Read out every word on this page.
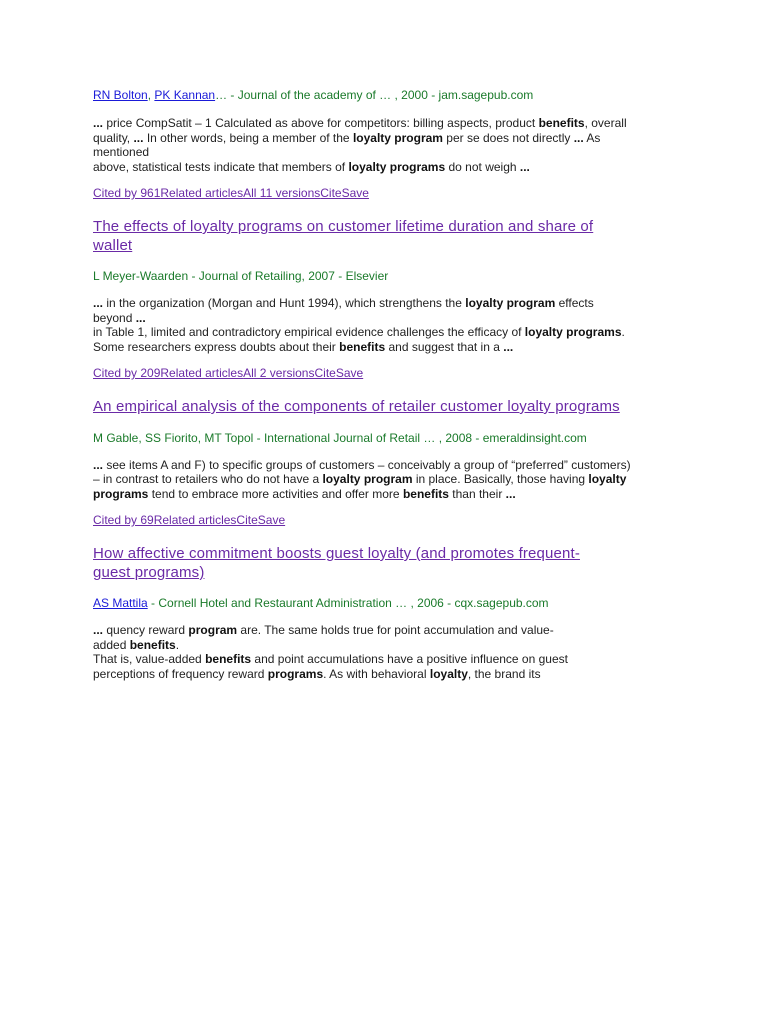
RN Bolton, PK Kannan… - Journal of the academy of … , 2000 - jam.sagepub.com
... price CompSatit – 1 Calculated as above for competitors: billing aspects, product benefits, overall
quality, ... In other words, being a member of the loyalty program per se does not directly ... As
mentioned
above, statistical tests indicate that members of loyalty programs do not weigh ...
Cited by 961Related articlesAll 11 versionsCiteSave
The effects of loyalty programs on customer lifetime duration and share of
wallet
L Meyer-Waarden - Journal of Retailing, 2007 - Elsevier
... in the organization (Morgan and Hunt 1994), which strengthens the loyalty program effects
beyond ...
in Table 1, limited and contradictory empirical evidence challenges the efficacy of loyalty programs.
Some researchers express doubts about their benefits and suggest that in a ...
Cited by 209Related articlesAll 2 versionsCiteSave
An empirical analysis of the components of retailer customer loyalty programs
M Gable, SS Fiorito, MT Topol - International Journal of Retail … , 2008 - emeraldinsight.com
... see items A and F) to specific groups of customers – conceivably a group of “preferred” customers)
– in contrast to retailers who do not have a loyalty program in place. Basically, those having loyalty
programs tend to embrace more activities and offer more benefits than their ...
Cited by 69Related articlesCiteSave
How affective commitment boosts guest loyalty (and promotes frequent-
guest programs)
AS Mattila - Cornell Hotel and Restaurant Administration … , 2006 - cqx.sagepub.com
... quency reward program are. The same holds true for point accumulation and value-
added benefits.
That is, value-added benefits and point accumulations have a positive influence on guest
perceptions of frequency reward programs. As with behavioral loyalty, the brand its
